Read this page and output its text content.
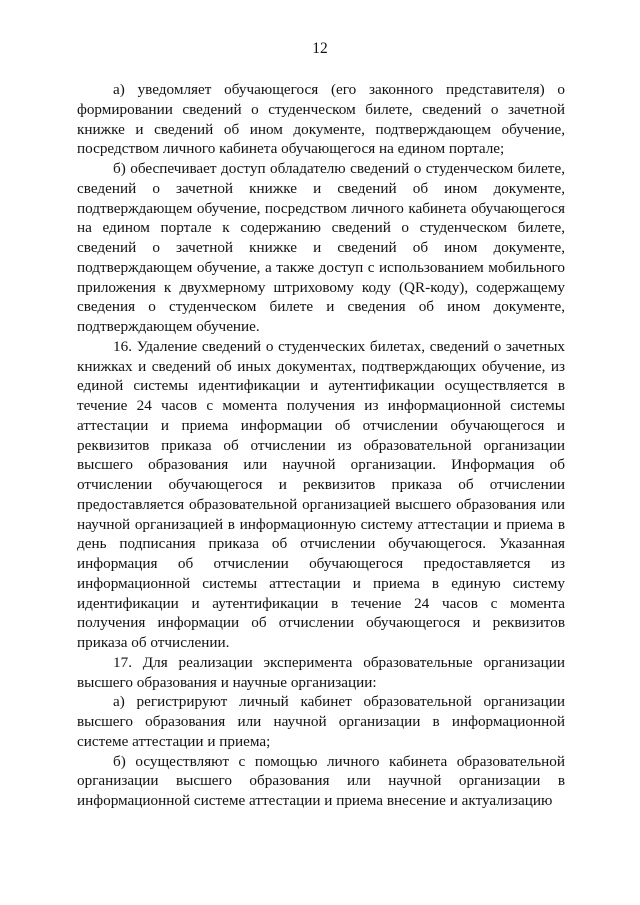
12

а) уведомляет обучающегося (его законного представителя) о формировании сведений о студенческом билете, сведений о зачетной книжке и сведений об ином документе, подтверждающем обучение, посредством личного кабинета обучающегося на едином портале;

б) обеспечивает доступ обладателю сведений о студенческом билете, сведений о зачетной книжке и сведений об ином документе, подтверждающем обучение, посредством личного кабинета обучающегося на едином портале к содержанию сведений о студенческом билете, сведений о зачетной книжке и сведений об ином документе, подтверждающем обучение, а также доступ с использованием мобильного приложения к двухмерному штриховому коду (QR-коду), содержащему сведения о студенческом билете и сведения об ином документе, подтверждающем обучение.

16. Удаление сведений о студенческих билетах, сведений о зачетных книжках и сведений об иных документах, подтверждающих обучение, из единой системы идентификации и аутентификации осуществляется в течение 24 часов с момента получения из информационной системы аттестации и приема информации об отчислении обучающегося и реквизитов приказа об отчислении из образовательной организации высшего образования или научной организации. Информация об отчислении обучающегося и реквизитов приказа об отчислении предоставляется образовательной организацией высшего образования или научной организацией в информационную систему аттестации и приема в день подписания приказа об отчислении обучающегося. Указанная информация об отчислении обучающегося предоставляется из информационной системы аттестации и приема в единую систему идентификации и аутентификации в течение 24 часов с момента получения информации об отчислении обучающегося и реквизитов приказа об отчислении.

17. Для реализации эксперимента образовательные организации высшего образования и научные организации:

а) регистрируют личный кабинет образовательной организации высшего образования или научной организации в информационной системе аттестации и приема;

б) осуществляют с помощью личного кабинета образовательной организации высшего образования или научной организации в информационной системе аттестации и приема внесение и актуализацию
